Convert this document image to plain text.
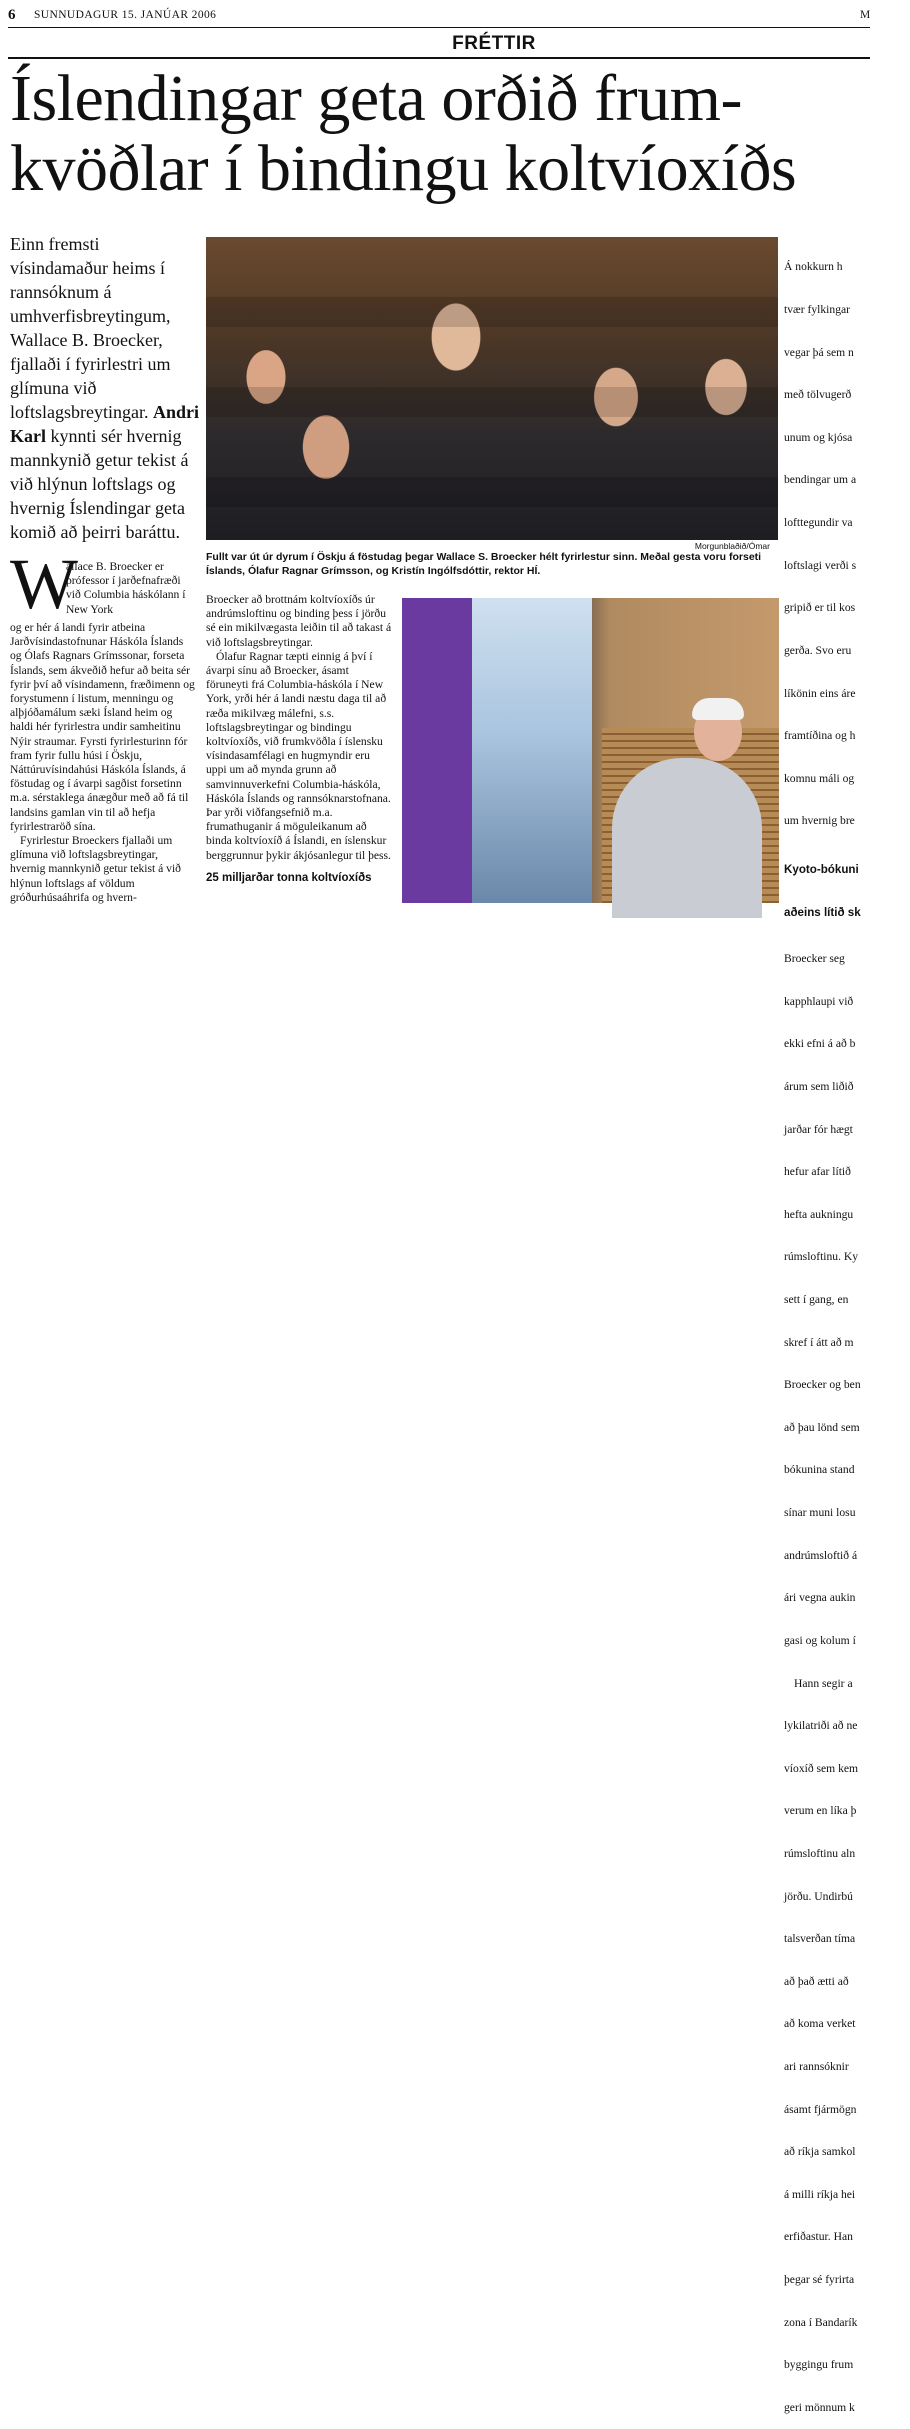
6 SUNNUDAGUR 15. JANÚAR 2006	M
FRÉTTIR
Íslendingar geta orðið frum-
kvöðlar í bindingu koltvíoxíðs

Einn fremsti vísindamaður heims í rannsóknum á umhverfisbreytingum, Wallace B. Broecker, fjallaði í fyrirlestri um glímuna við loftslagsbreytingar. Andri Karl kynnti sér hvernig mannkynið getur tekist á við hlýnun loftslags og hvernig Íslendingar geta komið að þeirri baráttu.

Morgunblaðið/Ómar

Fullt var út úr dyrum í Öskju á föstudag þegar Wallace S. Broecker hélt fyrirlestur sinn. Meðal gesta voru forseti Íslands, Ólafur Ragnar Grímsson, og Kristín Ingólfsdóttir, rektor HÍ.

W

allace B. Broecker er prófessor í jarðefnafræði við Columbia háskólann í New York

og er hér á landi fyrir atbeina Jarðvísindastofnunar Háskóla Íslands og Ólafs Ragnars Grímssonar, forseta Íslands, sem ákveðið hefur að beita sér fyrir því að vísindamenn, fræðimenn og forystumenn í listum, menningu og alþjóðamálum sæki Ísland heim og haldi hér fyrirlestra undir samheitinu Nýir straumar. Fyrsti fyrirlesturinn fór fram fyrir fullu húsi í Öskju, Náttúruvísindahúsi Háskóla Íslands, á föstudag og í ávarpi sagðist forsetinn m.a. sérstaklega ánægður með að fá til landsins gamlan vin til að hefja fyrirlestraröð sína.

Fyrirlestur Broeckers fjallaði um glímuna við loftslagsbreytingar, hvernig mannkynið getur tekist á við hlýnun loftslags af völdum gróðurhúsaáhrifa og hvern-

Broecker að brottnám koltvíoxíðs úr andrúmsloftinu og binding þess í jörðu sé ein mikilvægasta leiðin til að takast á við loftslagsbreytingar.

Ólafur Ragnar tæpti einnig á því í ávarpi sínu að Broecker, ásamt föruneyti frá Columbia-háskóla í New York, yrði hér á landi næstu daga til að ræða mikilvæg málefni, s.s. loftslagsbreytingar og bindingu koltvíoxíðs, við frumkvöðla í íslensku vísindasamfélagi en hugmyndir eru uppi um að mynda grunn að samvinnuverkefni Columbia-háskóla, Háskóla Íslands og rannsóknarstofnana. Þar yrði viðfangsefnið m.a. frumathuganir á möguleikanum að binda koltvíoxíð á Íslandi, en íslenskur berggrunnur þykir ákjósanlegur til þess.

25 milljarðar tonna koltvíoxíðs

Á nokkurn h

tvær fylkingar

vegar þá sem n

með tölvugerð

unum og kjósa

bendingar um a

lofttegundir va

loftslagi verði s

gripið er til kos

gerða. Svo eru

líkönin eins áre

framtíðina og h

komnu máli og

um hvernig bre

Kyoto-bókuni

aðeins lítið sk

Broecker seg

kapphlaupi við

ekki efni á að b

árum sem liðið

jarðar fór hægt

hefur afar lítið

hefta aukningu

rúmsloftinu. Ky

sett í gang, en

skref í átt að m

Broecker og ben

að þau lönd sem

bókunina stand

sínar muni losu

andrúmsloftið á

ári vegna aukin

gasi og kolum í

Hann segir a

lykilatriði að ne

víoxíð sem kem

verum en líka þ

rúmsloftinu aln

jörðu. Undirbú

talsverðan tíma

að það ætti að

að koma verket

ari rannsóknir

ásamt fjármögn

að ríkja samkol

á milli ríkja hei

erfiðastur. Han

þegar sé fyrirta

zona í Bandarík

byggingu frum

geri mönnum k
